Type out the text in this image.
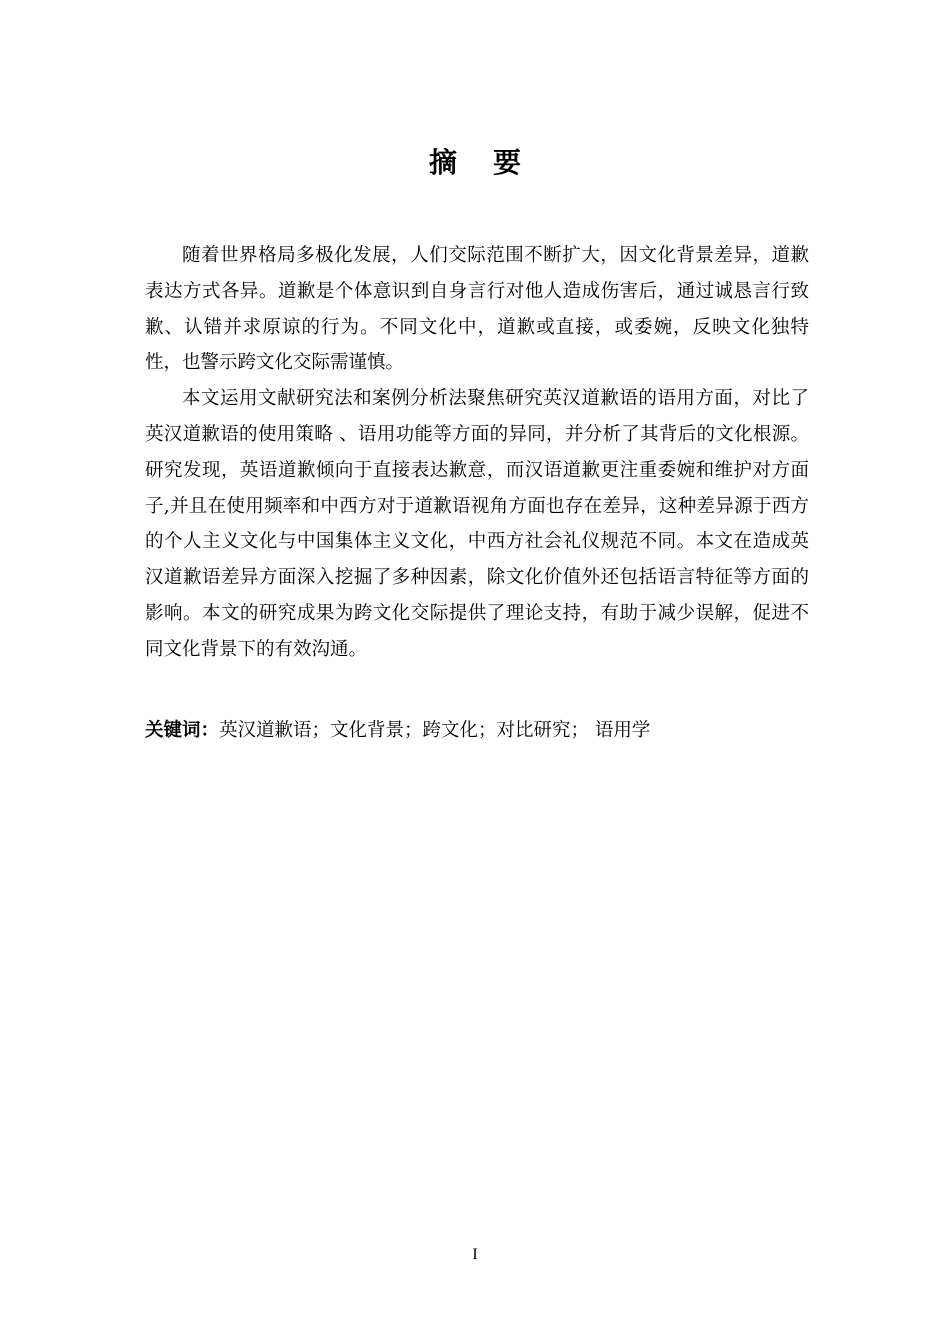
摘要

随着世界格局多极化发展，人们交际范围不断扩大，因文化背景差异，道歉表达方式各异。道歉是个体意识到自身言行对他人造成伤害后，通过诚恳言行致歉、认错并求原谅的行为。不同文化中，道歉或直接，或委婉，反映文化独特性，也警示跨文化交际需谨慎。

本文运用文献研究法和案例分析法聚焦研究英汉道歉语的语用方面，对比了英汉道歉语的使用策略 、语用功能等方面的异同，并分析了其背后的文化根源。研究发现，英语道歉倾向于直接表达歉意，而汉语道歉更注重委婉和维护对方面子,并且在使用频率和中西方对于道歉语视角方面也存在差异，这种差异源于西方的个人主义文化与中国集体主义文化，中西方社会礼仪规范不同。本文在造成英汉道歉语差异方面深入挖掘了多种因素，除文化价值外还包括语言特征等方面的影响。本文的研究成果为跨文化交际提供了理论支持，有助于减少误解，促进不同文化背景下的有效沟通。

关键词：英汉道歉语；文化背景；跨文化；对比研究； 语用学
I
